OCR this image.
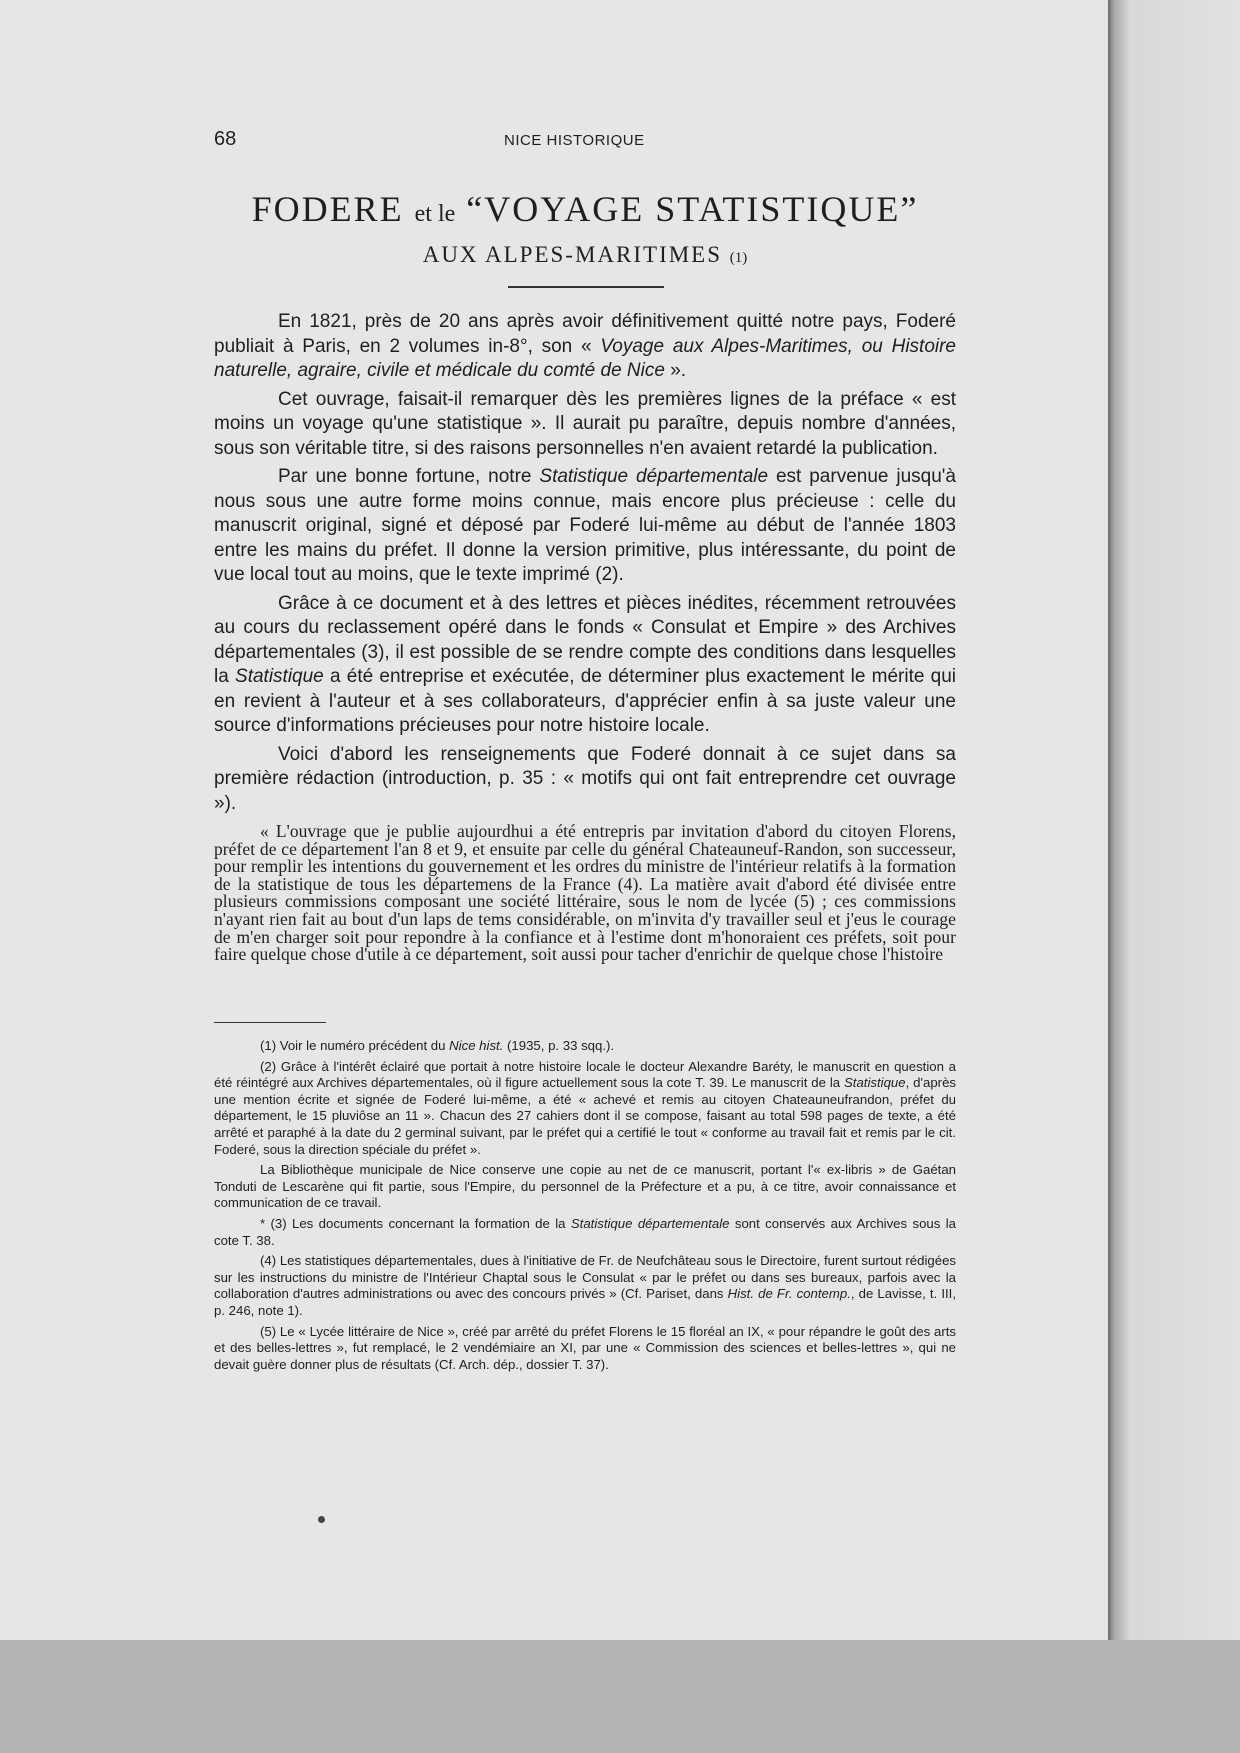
68	NICE HISTORIQUE
FODERE et le “VOYAGE STATISTIQUE”
AUX ALPES-MARITIMES (1)

En 1821, près de 20 ans après avoir définitivement quitté notre pays, Foderé publiait à Paris, en 2 volumes in-8°, son « Voyage aux Alpes-Maritimes, ou Histoire naturelle, agraire, civile et médicale du comté de Nice ».

Cet ouvrage, faisait-il remarquer dès les premières lignes de la préface « est moins un voyage qu'une statistique ». Il aurait pu paraître, depuis nombre d'années, sous son véritable titre, si des raisons personnelles n'en avaient retardé la publication.

Par une bonne fortune, notre Statistique départementale est parvenue jusqu'à nous sous une autre forme moins connue, mais encore plus précieuse : celle du manuscrit original, signé et déposé par Foderé lui-même au début de l'année 1803 entre les mains du préfet. Il donne la version primitive, plus intéressante, du point de vue local tout au moins, que le texte imprimé (2).

Grâce à ce document et à des lettres et pièces inédites, récemment retrouvées au cours du reclassement opéré dans le fonds « Consulat et Empire » des Archives départementales (3), il est possible de se rendre compte des conditions dans lesquelles la Statistique a été entreprise et exécutée, de déterminer plus exactement le mérite qui en revient à l'auteur et à ses collaborateurs, d'apprécier enfin à sa juste valeur une source d'informations précieuses pour notre histoire locale.

Voici d'abord les renseignements que Foderé donnait à ce sujet dans sa première rédaction (introduction, p. 35 : « motifs qui ont fait entreprendre cet ouvrage »).

« L'ouvrage que je publie aujourdhui a été entrepris par invitation d'abord du citoyen Florens, préfet de ce département l'an 8 et 9, et ensuite par celle du général Chateauneuf-Randon, son successeur, pour remplir les intentions du gouvernement et les ordres du ministre de l'intérieur relatifs à la formation de la statistique de tous les départemens de la France (4). La matière avait d'abord été divisée entre plusieurs commissions composant une société littéraire, sous le nom de lycée (5) ; ces commissions n'ayant rien fait au bout d'un laps de tems considérable, on m'invita d'y travailler seul et j'eus le courage de m'en charger soit pour repondre à la confiance et à l'estime dont m'honoraient ces préfets, soit pour faire quelque chose d'utile à ce département, soit aussi pour tacher d'enrichir de quelque chose l'histoire

(1) Voir le numéro précédent du Nice hist. (1935, p. 33 sqq.).

(2) Grâce à l'intérêt éclairé que portait à notre histoire locale le docteur Alexandre Baréty, le manuscrit en question a été réintégré aux Archives départementales, où il figure actuellement sous la cote T. 39. Le manuscrit de la Statistique, d'après une mention écrite et signée de Foderé lui-même, a été « achevé et remis au citoyen Chateauneufrandon, préfet du département, le 15 pluviôse an 11 ». Chacun des 27 cahiers dont il se compose, faisant au total 598 pages de texte, a été arrêté et paraphé à la date du 2 germinal suivant, par le préfet qui a certifié le tout « conforme au travail fait et remis par le cit. Foderé, sous la direction spéciale du préfet ».

La Bibliothèque municipale de Nice conserve une copie au net de ce manuscrit, portant l'« ex-libris » de Gaétan Tonduti de Lescarène qui fit partie, sous l'Empire, du personnel de la Préfecture et a pu, à ce titre, avoir connaissance et communication de ce travail.

* (3) Les documents concernant la formation de la Statistique départementale sont conservés aux Archives sous la cote T. 38.

(4) Les statistiques départementales, dues à l'initiative de Fr. de Neufchâteau sous le Directoire, furent surtout rédigées sur les instructions du ministre de l'Intérieur Chaptal sous le Consulat « par le préfet ou dans ses bureaux, parfois avec la collaboration d'autres administrations ou avec des concours privés » (Cf. Pariset, dans Hist. de Fr. contemp., de Lavisse, t. III, p. 246, note 1).

(5) Le « Lycée littéraire de Nice », créé par arrêté du préfet Florens le 15 floréal an IX, « pour répandre le goût des arts et des belles-lettres », fut remplacé, le 2 vendémiaire an XI, par une « Commission des sciences et belles-lettres », qui ne devait guère donner plus de résultats (Cf. Arch. dép., dossier T. 37).
